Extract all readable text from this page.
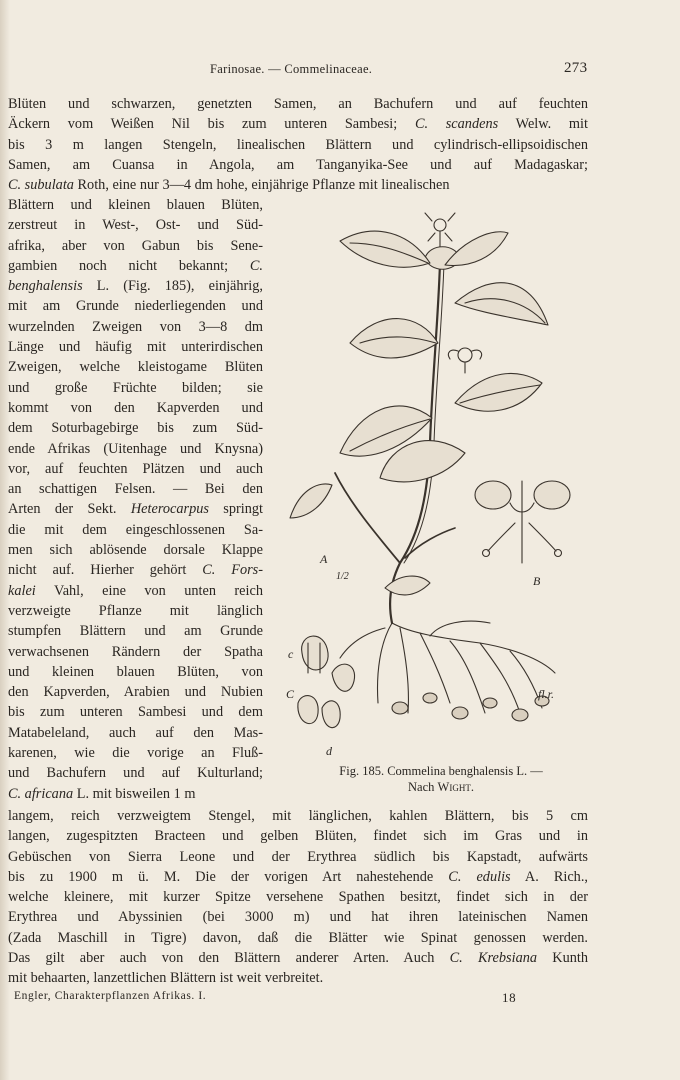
Farinosae. — Commelinaceae.	273
Blüten und schwarzen, genetzten Samen, an Bachufern und auf feuchten
Äckern vom Weißen Nil bis zum unteren Sambesi; C. scandens Welw. mit
bis 3 m langen Stengeln, linealischen Blättern und cylindrisch-ellipsoidischen
Samen, am Cuansa in Angola, am Tanganyika-See und auf Madagaskar;
C. subulata Roth, eine nur 3—4 dm hohe, einjährige Pflanze mit linealischen
Blättern und kleinen blauen Blüten,
zerstreut in West-, Ost- und Süd-
afrika, aber von Gabun bis Sene-
gambien noch nicht bekannt; C.
benghalensis L. (Fig. 185), einjährig,
mit am Grunde niederliegenden und
wurzelnden Zweigen von 3—8 dm
Länge und häufig mit unterirdischen
Zweigen, welche kleistogame Blüten
und große Früchte bilden; sie
kommt von den Kapverden und
dem Soturbagebirge bis zum Süd-
ende Afrikas (Uitenhage und Knysna)
vor, auf feuchten Plätzen und auch
an schattigen Felsen. — Bei den
Arten der Sekt. Heterocarpus springt
die mit dem eingeschlossenen Sa-
men sich ablösende dorsale Klappe
nicht auf. Hierher gehört C. Fors-
kalei Vahl, eine von unten reich
verzweigte Pflanze mit länglich
stumpfen Blättern und am Grunde
verwachsenen Rändern der Spatha
und kleinen blauen Blüten, von
den Kapverden, Arabien und Nubien
bis zum unteren Sambesi und dem
Matabeleland, auch auf den Mas-
karenen, wie die vorige an Fluß-
und Bachufern und auf Kulturland;
C. africana L. mit bisweilen 1 m
langem, reich verzweigtem Stengel, mit länglichen, kahlen Blättern, bis 5 cm
langen, zugespitzten Bracteen und gelben Blüten, findet sich im Gras und in
Gebüschen von Sierra Leone und der Erythrea südlich bis Kapstadt, aufwärts
bis zu 1900 m ü. M. Die der vorigen Art nahestehende C. edulis A. Rich.,
welche kleinere, mit kurzer Spitze versehene Spathen besitzt, findet sich in der
Erythrea und Abyssinien (bei 3000 m) und hat ihren lateinischen Namen
(Zada Maschill in Tigre) davon, daß die Blätter wie Spinat genossen werden.
Das gilt aber auch von den Blättern anderer Arten. Auch C. Krebsiana Kunth
mit behaarten, lanzettlichen Blättern ist weit verbreitet.
A
1/2	B
c
C
d
fl.r.
Fig. 185. Commelina benghalensis L. —
Nach Wight.
Engler, Charakterpflanzen Afrikas. I.	18
